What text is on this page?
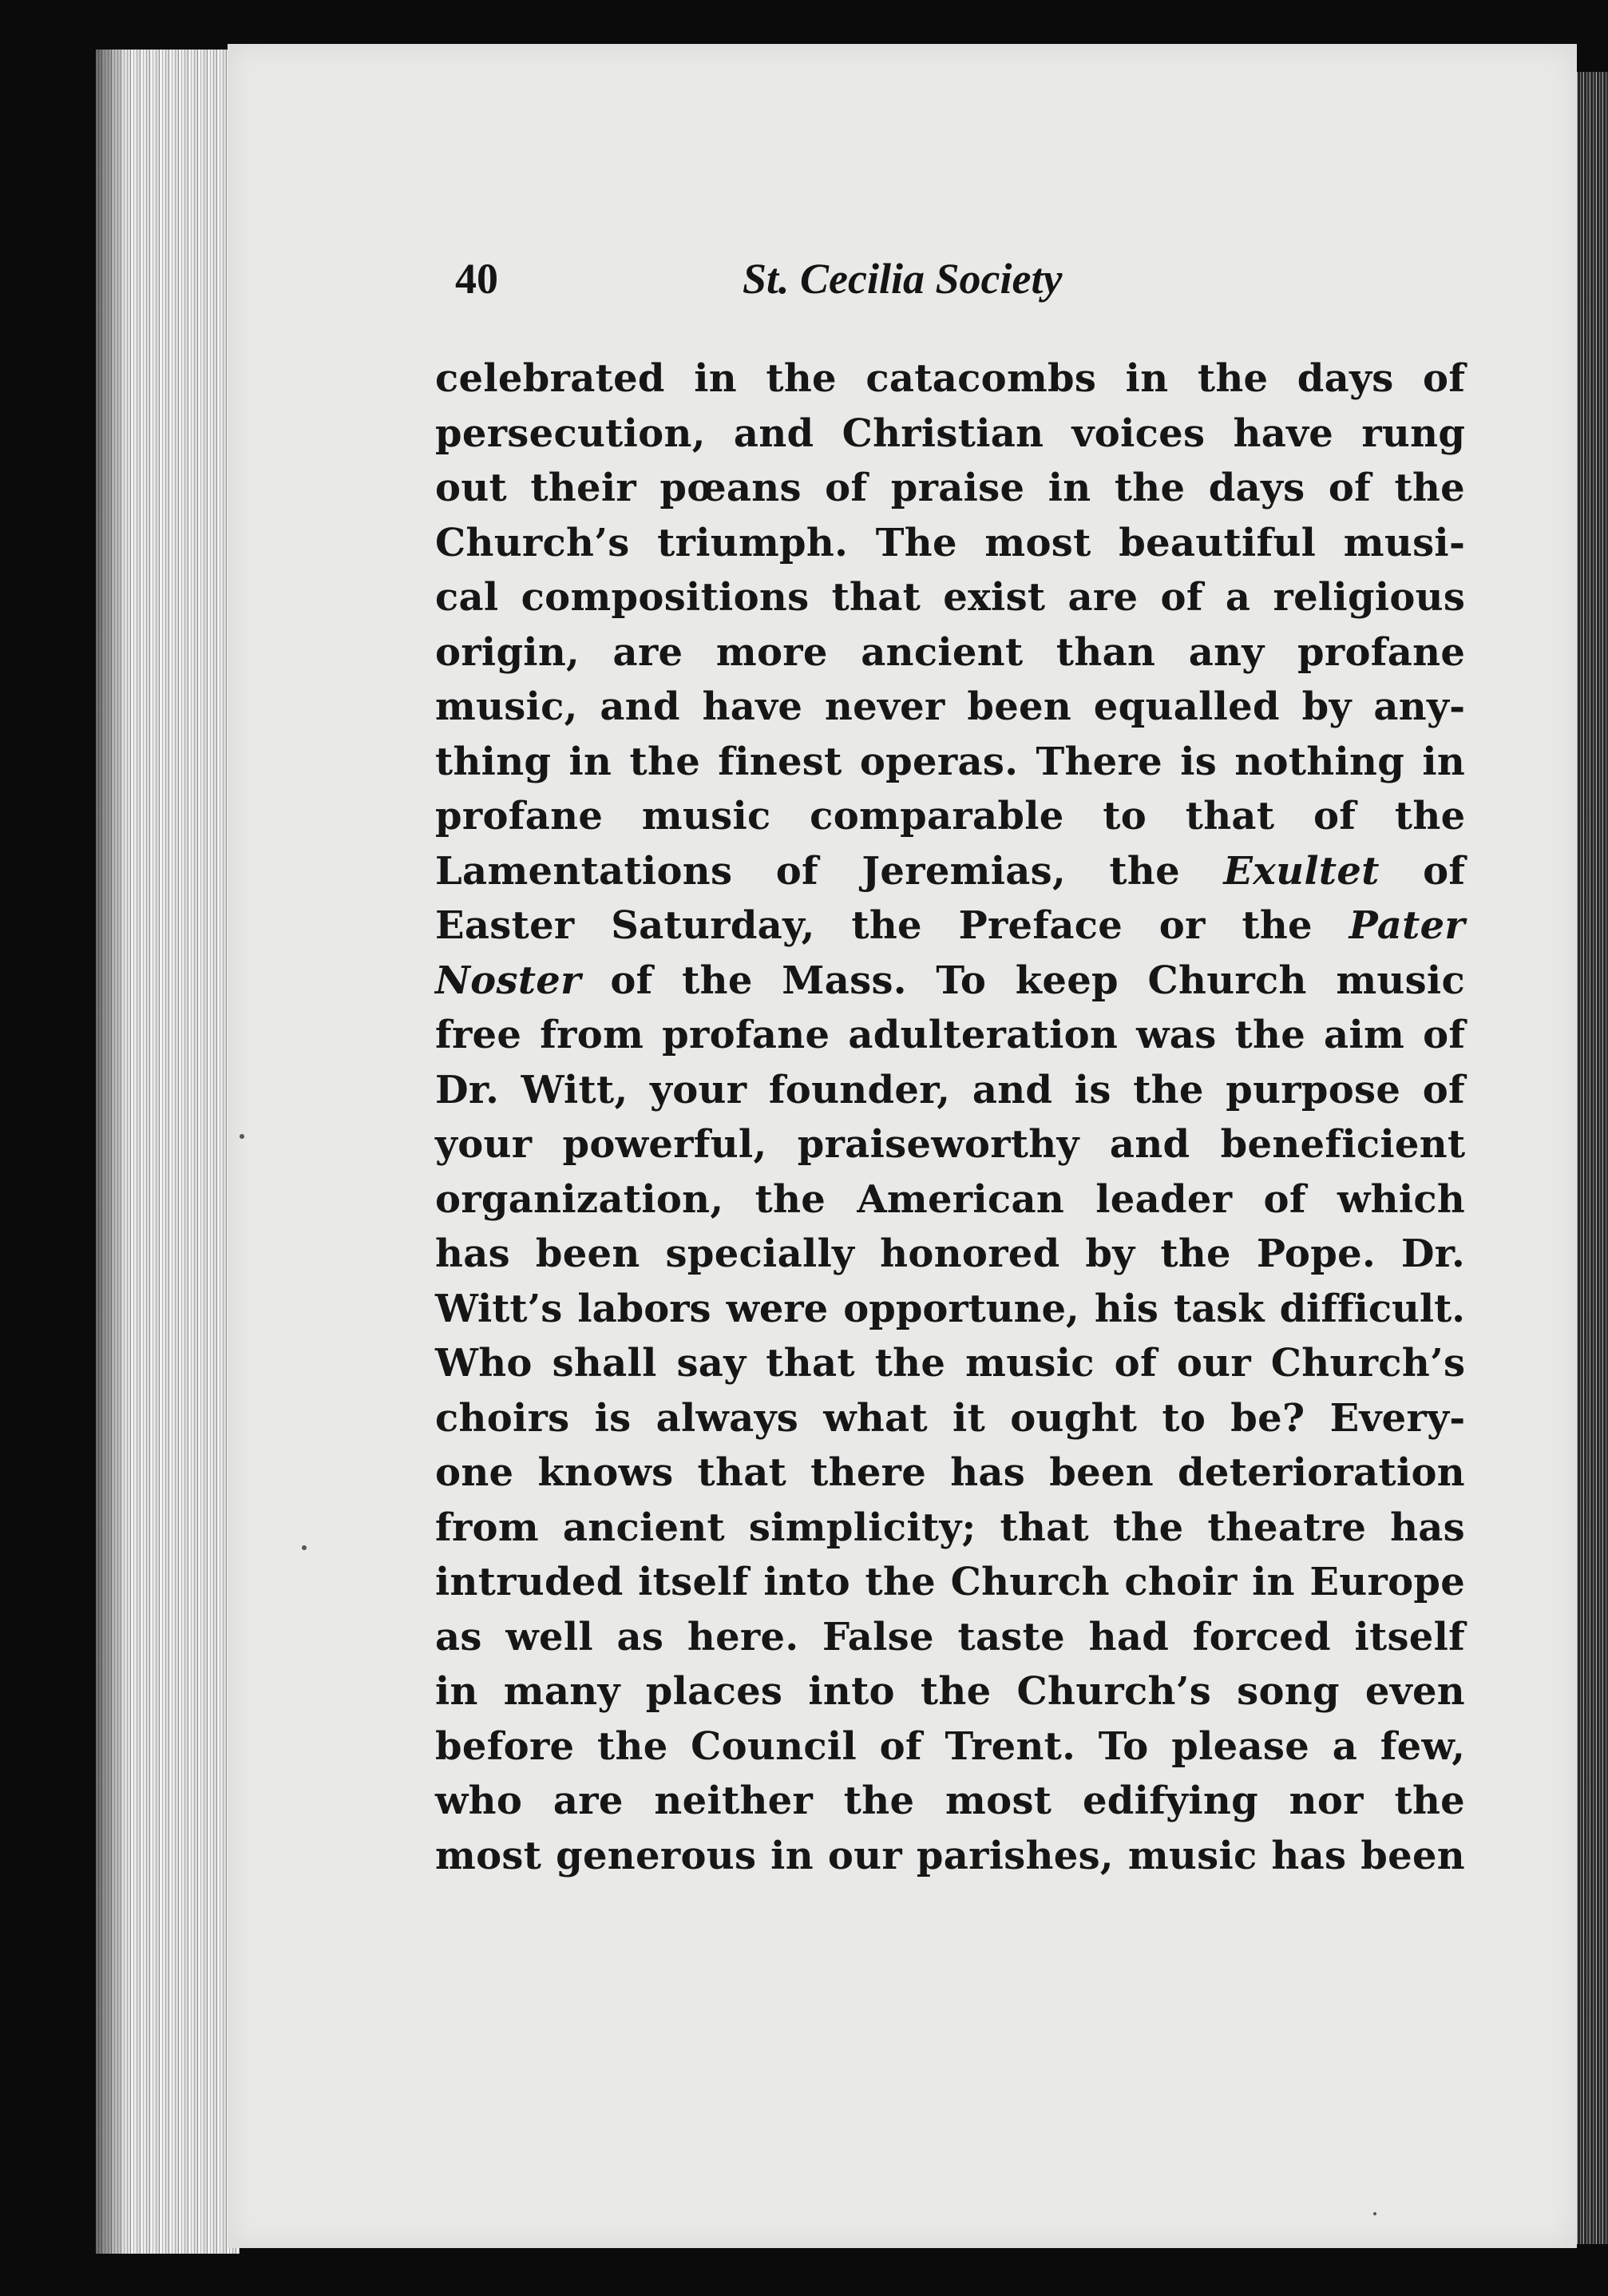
40	St. Cecilia Society
celebrated in the catacombs in the days of
persecution, and Christian voices have rung
out their pœans of praise in the days of the
Church’s triumph. The most beautiful musi-
cal compositions that exist are of a religious
origin, are more ancient than any profane
music, and have never been equalled by any-
thing in the finest operas. There is nothing in
profane music comparable to that of the
Lamentations of Jeremias, the Exultet of
Easter Saturday, the Preface or the Pater
Noster of the Mass. To keep Church music
free from profane adulteration was the aim of
Dr. Witt, your founder, and is the purpose of
your powerful, praiseworthy and beneficient
organization, the American leader of which
has been specially honored by the Pope. Dr.
Witt’s labors were opportune, his task difficult.
Who shall say that the music of our Church’s
choirs is always what it ought to be? Every-
one knows that there has been deterioration
from ancient simplicity; that the theatre has
intruded itself into the Church choir in Europe
as well as here. False taste had forced itself
in many places into the Church’s song even
before the Council of Trent. To please a few,
who are neither the most edifying nor the
most generous in our parishes, music has been
